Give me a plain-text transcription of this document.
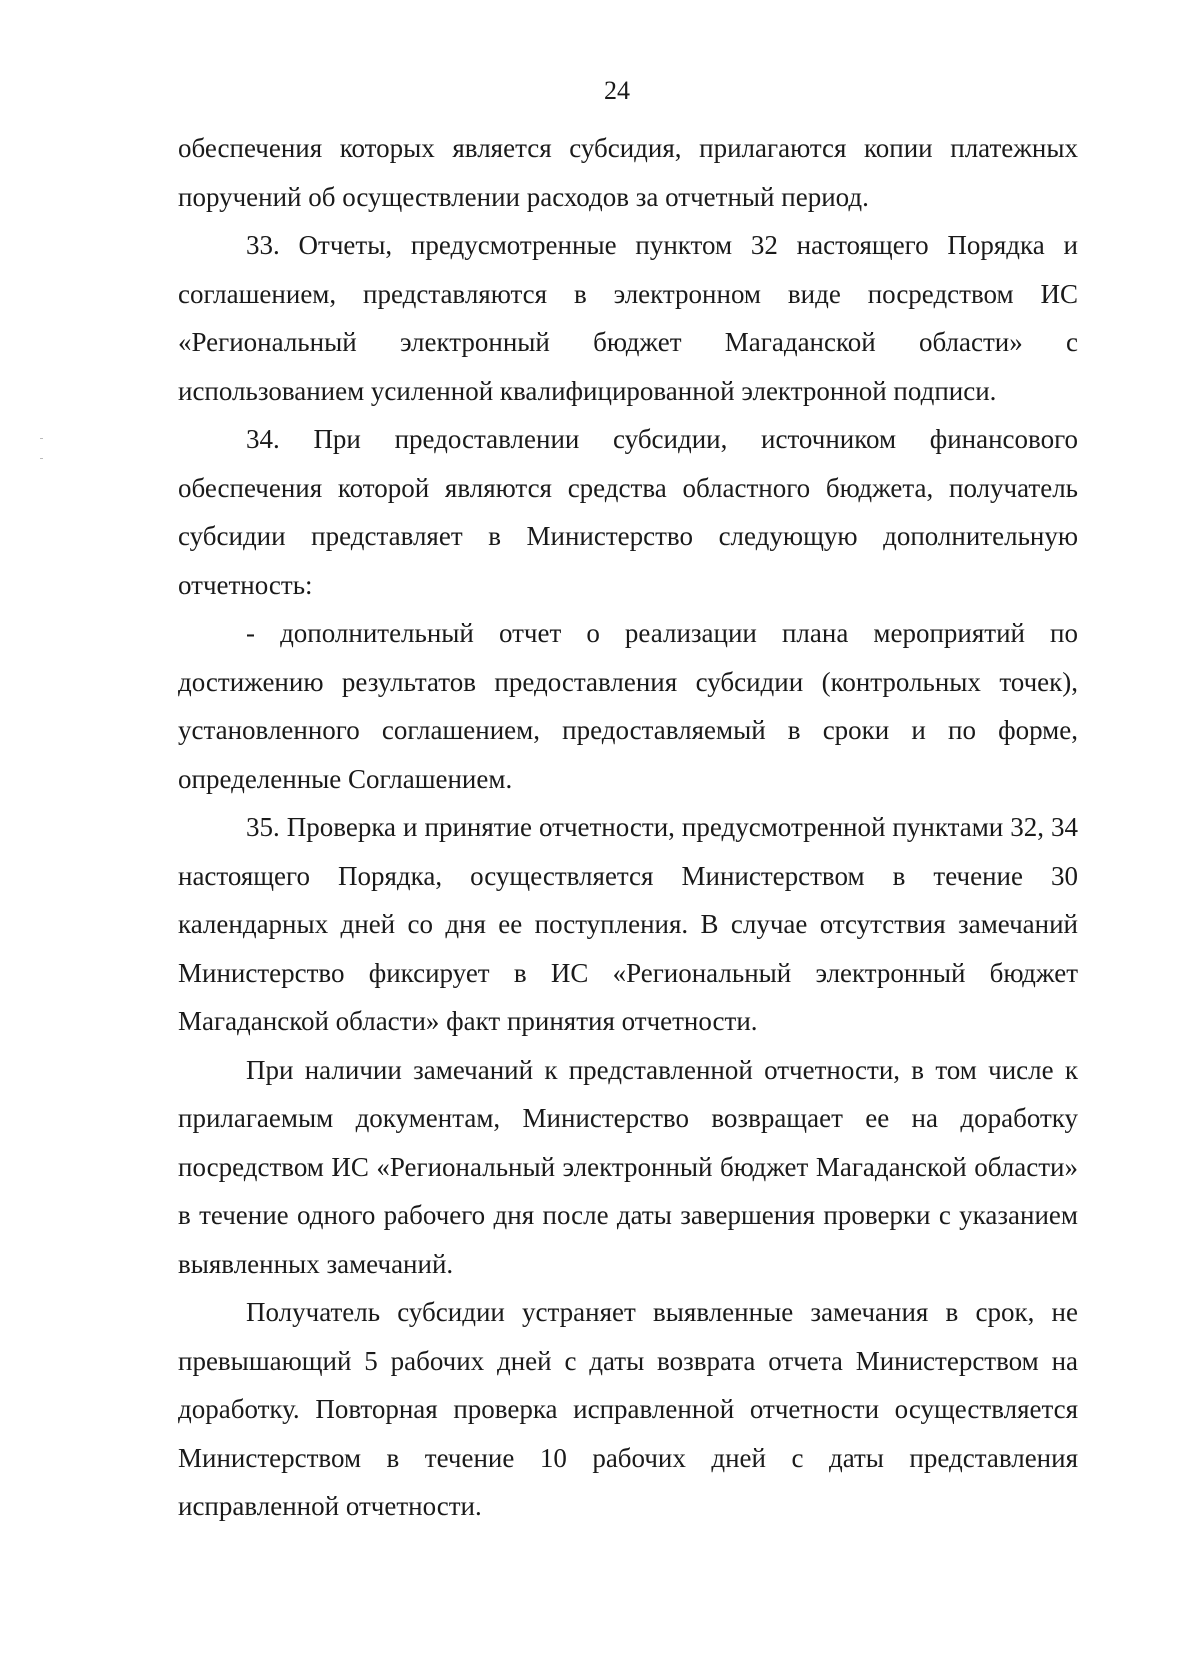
24

обеспечения которых является субсидия, прилагаются копии платежных поручений об осуществлении расходов за отчетный период.

33. Отчеты, предусмотренные пунктом 32 настоящего Порядка и соглашением, представляются в электронном виде посредством ИС «Региональный электронный бюджет Магаданской области» с использованием усиленной квалифицированной электронной подписи.

34. При предоставлении субсидии, источником финансового обеспечения которой являются средства областного бюджета, получатель субсидии представляет в Министерство следующую дополнительную отчетность:

- дополнительный отчет о реализации плана мероприятий по достижению результатов предоставления субсидии (контрольных точек), установленного соглашением, предоставляемый в сроки и по форме, определенные Соглашением.

35. Проверка и принятие отчетности, предусмотренной пунктами 32, 34 настоящего Порядка, осуществляется Министерством в течение 30 календарных дней со дня ее поступления. В случае отсутствия замечаний Министерство фиксирует в ИС «Региональный электронный бюджет Магаданской области» факт принятия отчетности.

При наличии замечаний к представленной отчетности, в том числе к прилагаемым документам, Министерство возвращает ее на доработку посредством ИС «Региональный электронный бюджет Магаданской области» в течение одного рабочего дня после даты завершения проверки с указанием выявленных замечаний.

Получатель субсидии устраняет выявленные замечания в срок, не превышающий 5 рабочих дней с даты возврата отчета Министерством на доработку. Повторная проверка исправленной отчетности осуществляется Министерством в течение 10 рабочих дней с даты представления исправленной отчетности.
